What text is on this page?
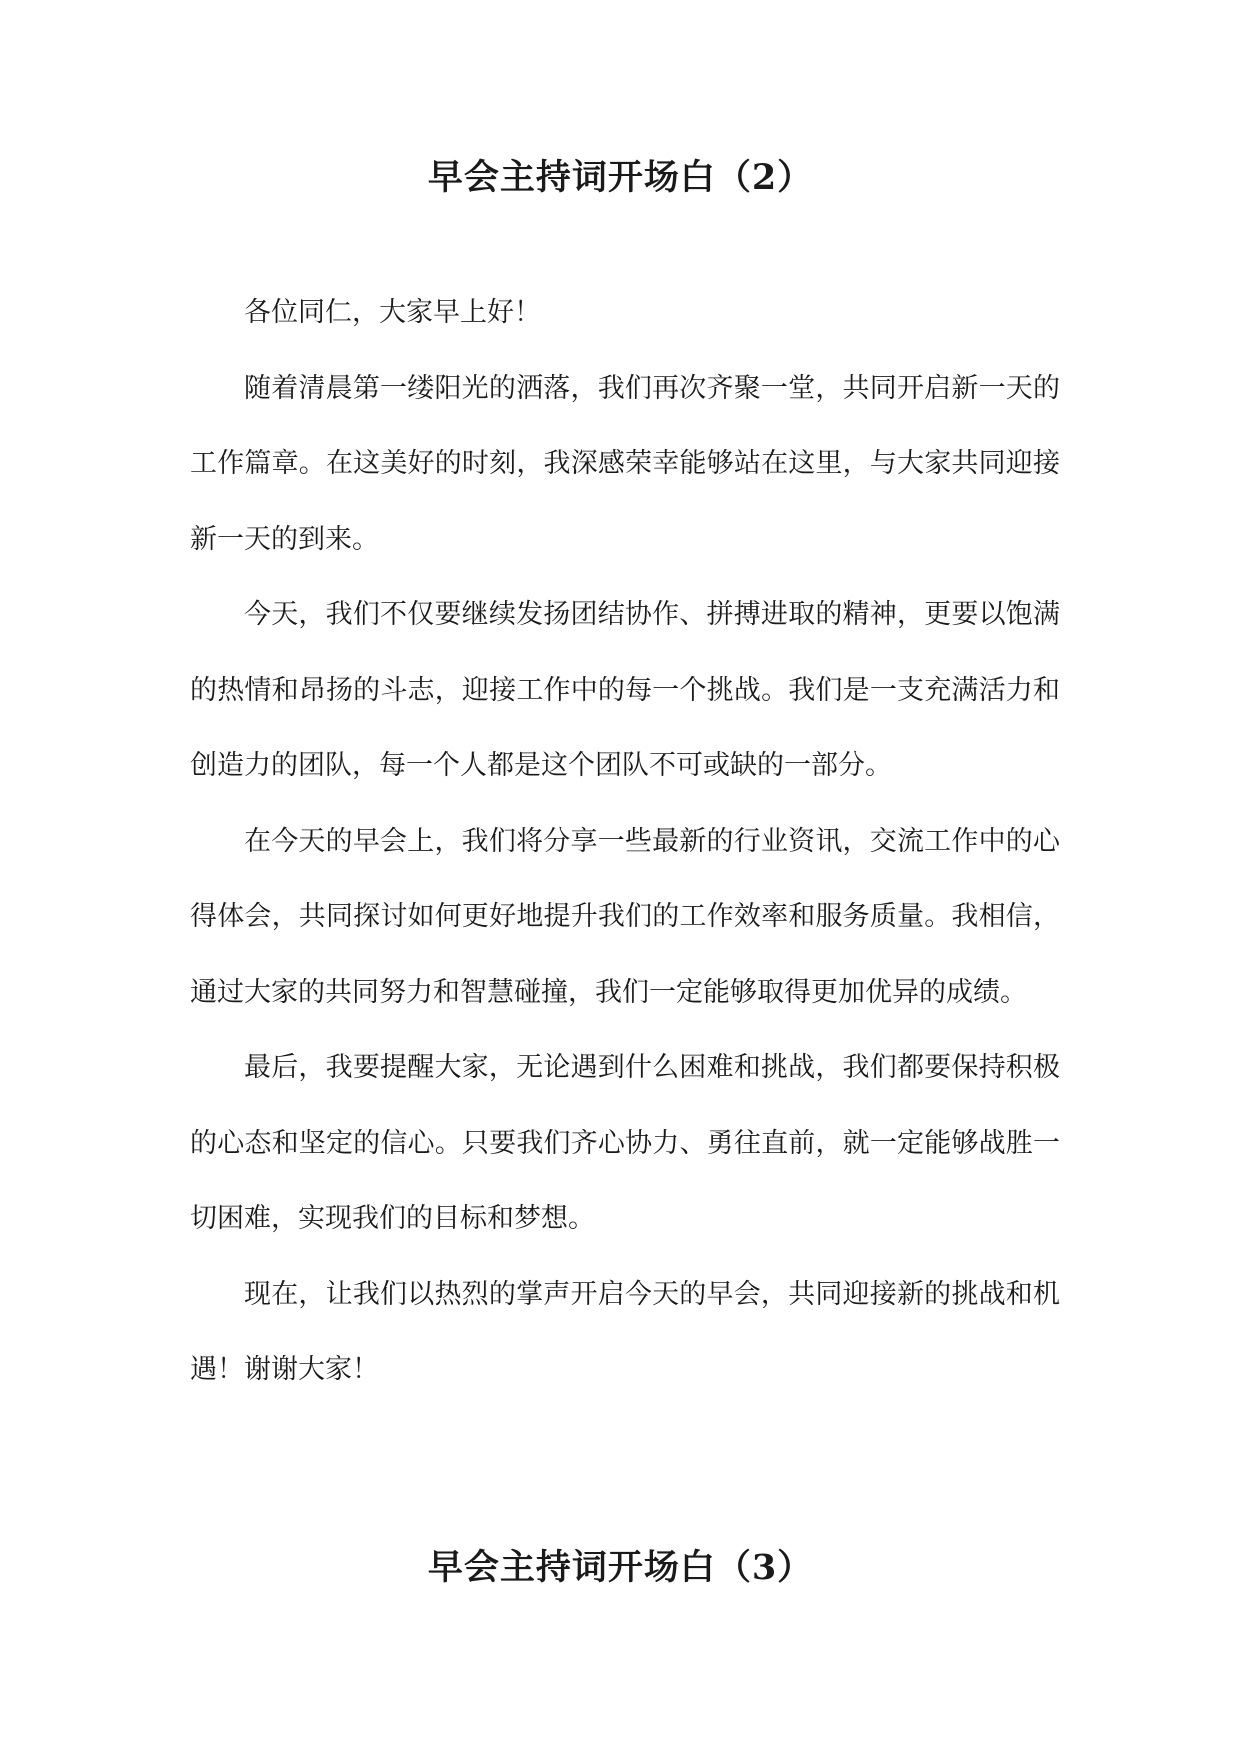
早会主持词开场白（2）

各位同仁，大家早上好！

随着清晨第一缕阳光的洒落，我们再次齐聚一堂，共同开启新一天的工作篇章。在这美好的时刻，我深感荣幸能够站在这里，与大家共同迎接新一天的到来。

今天，我们不仅要继续发扬团结协作、拼搏进取的精神，更要以饱满的热情和昂扬的斗志，迎接工作中的每一个挑战。我们是一支充满活力和创造力的团队，每一个人都是这个团队不可或缺的一部分。

在今天的早会上，我们将分享一些最新的行业资讯，交流工作中的心得体会，共同探讨如何更好地提升我们的工作效率和服务质量。我相信，通过大家的共同努力和智慧碰撞，我们一定能够取得更加优异的成绩。

最后，我要提醒大家，无论遇到什么困难和挑战，我们都要保持积极的心态和坚定的信心。只要我们齐心协力、勇往直前，就一定能够战胜一切困难，实现我们的目标和梦想。

现在，让我们以热烈的掌声开启今天的早会，共同迎接新的挑战和机遇！谢谢大家！

早会主持词开场白（3）
